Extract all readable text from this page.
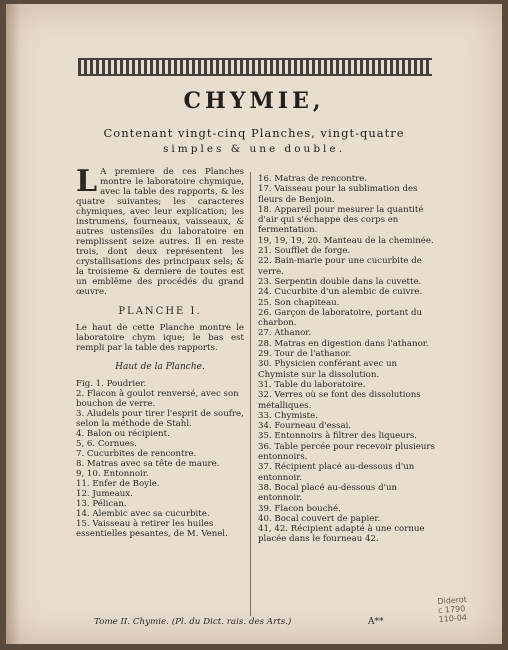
CHYMIE,
Contenant vingt-cinq Planches, vingt-quatre
simples & une double.

L A premiere de ces Planches montre le laboratoire chymique, avec la table des rapports, & les quatre suivantes; les caracteres chymiques, avec leur explication; les instrumens, fourneaux, vaisseaux, & autres ustensiles du laboratoire en remplissent seize autres. Il en reste trois, dont deux représentent les crystallisations des principaux sels; & la troisieme & derniere de toutes est un emblême des procédés du grand œuvre.

PLANCHE I.

Le haut de cette Planche montre le laboratoire chym ique; le bas est rempli par la table des rapports.

Haut de la Planche.
Fig. 1. Poudrier.
2. Flacon à goulot renversé, avec son bouchon de verre.
3. Aludels pour tirer l'esprit de soufre, selon la méthode de Stahl.
4. Balon ou récipient.
5, 6. Cornues.
7. Cucurbites de rencontre.
8. Matras avec sa tête de maure.
9, 10. Entonnoir.
11. Enfer de Boyle.
12. Jumeaux.
13. Pélican.
14. Alembic avec sa cucurbite.
15. Vaisseau à retirer les huiles essentielles pesantes, de M. Venel.
16. Matras de rencontre.
17. Vaisseau pour la sublimation des fleurs de Benjoin.
18. Appareil pour mesurer la quantité d'air qui s'échappe des corps en fermentation.
19, 19, 19, 20. Manteau de la cheminée.
21. Soufflet de forge.
22. Bain-marie pour une cucurbite de verre.
23. Serpentin double dans la cuvette.
24. Cucurbite d'un alembic de cuivre.
25. Son chapiteau.
26. Garçon de laboratoire, portant du charbon.
27. Athanor.
28. Matras en digestion dans l'athanor.
29. Tour de l'athanor.
30. Physicien conférant avec un Chymiste sur la dissolution.
31. Table du laboratoire.
32. Verres où se font des dissolutions métalliques.
33. Chymiste.
34. Fourneau d'essai.
35. Entonnoirs à filtrer des liqueurs.
36. Table percée pour recevoir plusieurs entonnoirs.
37. Récipient placé au-dessous d'un entonnoir.
38. Bocal placé au-dessous d'un entonnoir.
39. Flacon bouché.
40. Bocal couvert de papier.
41, 42. Récipient adapté à une cornue placée dans le fourneau 42.
Tome II. Chymie. (Pl. du Dict. rais. des Arts.)	A**
Diderot
c 1790
110-04
